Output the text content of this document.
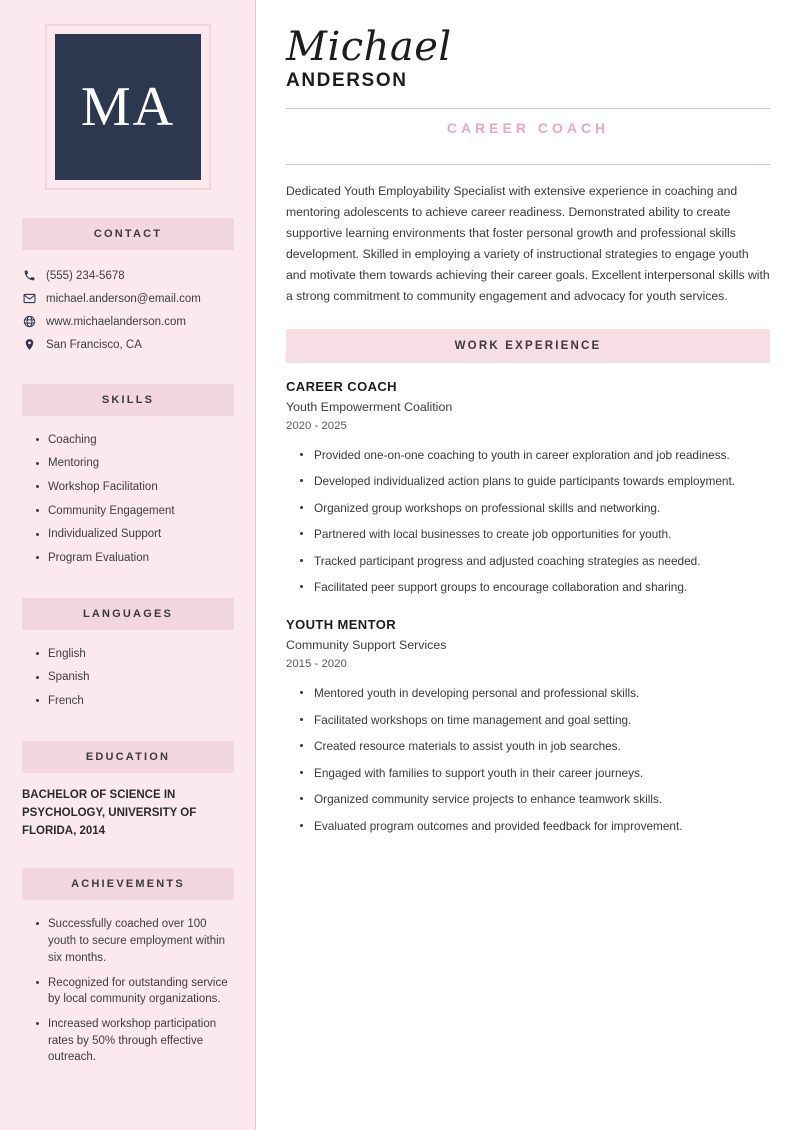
MA
CONTACT
(555) 234-5678
michael.anderson@email.com
www.michaelanderson.com
San Francisco, CA
SKILLS
Coaching
Mentoring
Workshop Facilitation
Community Engagement
Individualized Support
Program Evaluation
LANGUAGES
English
Spanish
French
EDUCATION
BACHELOR OF SCIENCE IN PSYCHOLOGY, UNIVERSITY OF FLORIDA, 2014
ACHIEVEMENTS
Successfully coached over 100 youth to secure employment within six months.
Recognized for outstanding service by local community organizations.
Increased workshop participation rates by 50% through effective outreach.
Michael
ANDERSON
CAREER COACH

Dedicated Youth Employability Specialist with extensive experience in coaching and mentoring adolescents to achieve career readiness. Demonstrated ability to create supportive learning environments that foster personal growth and professional skills development. Skilled in employing a variety of instructional strategies to engage youth and motivate them towards achieving their career goals. Excellent interpersonal skills with a strong commitment to community engagement and advocacy for youth services.

WORK EXPERIENCE
CAREER COACH
Youth Empowerment Coalition
2020 - 2025
Provided one-on-one coaching to youth in career exploration and job readiness.
Developed individualized action plans to guide participants towards employment.
Organized group workshops on professional skills and networking.
Partnered with local businesses to create job opportunities for youth.
Tracked participant progress and adjusted coaching strategies as needed.
Facilitated peer support groups to encourage collaboration and sharing.
YOUTH MENTOR
Community Support Services
2015 - 2020
Mentored youth in developing personal and professional skills.
Facilitated workshops on time management and goal setting.
Created resource materials to assist youth in job searches.
Engaged with families to support youth in their career journeys.
Organized community service projects to enhance teamwork skills.
Evaluated program outcomes and provided feedback for improvement.
